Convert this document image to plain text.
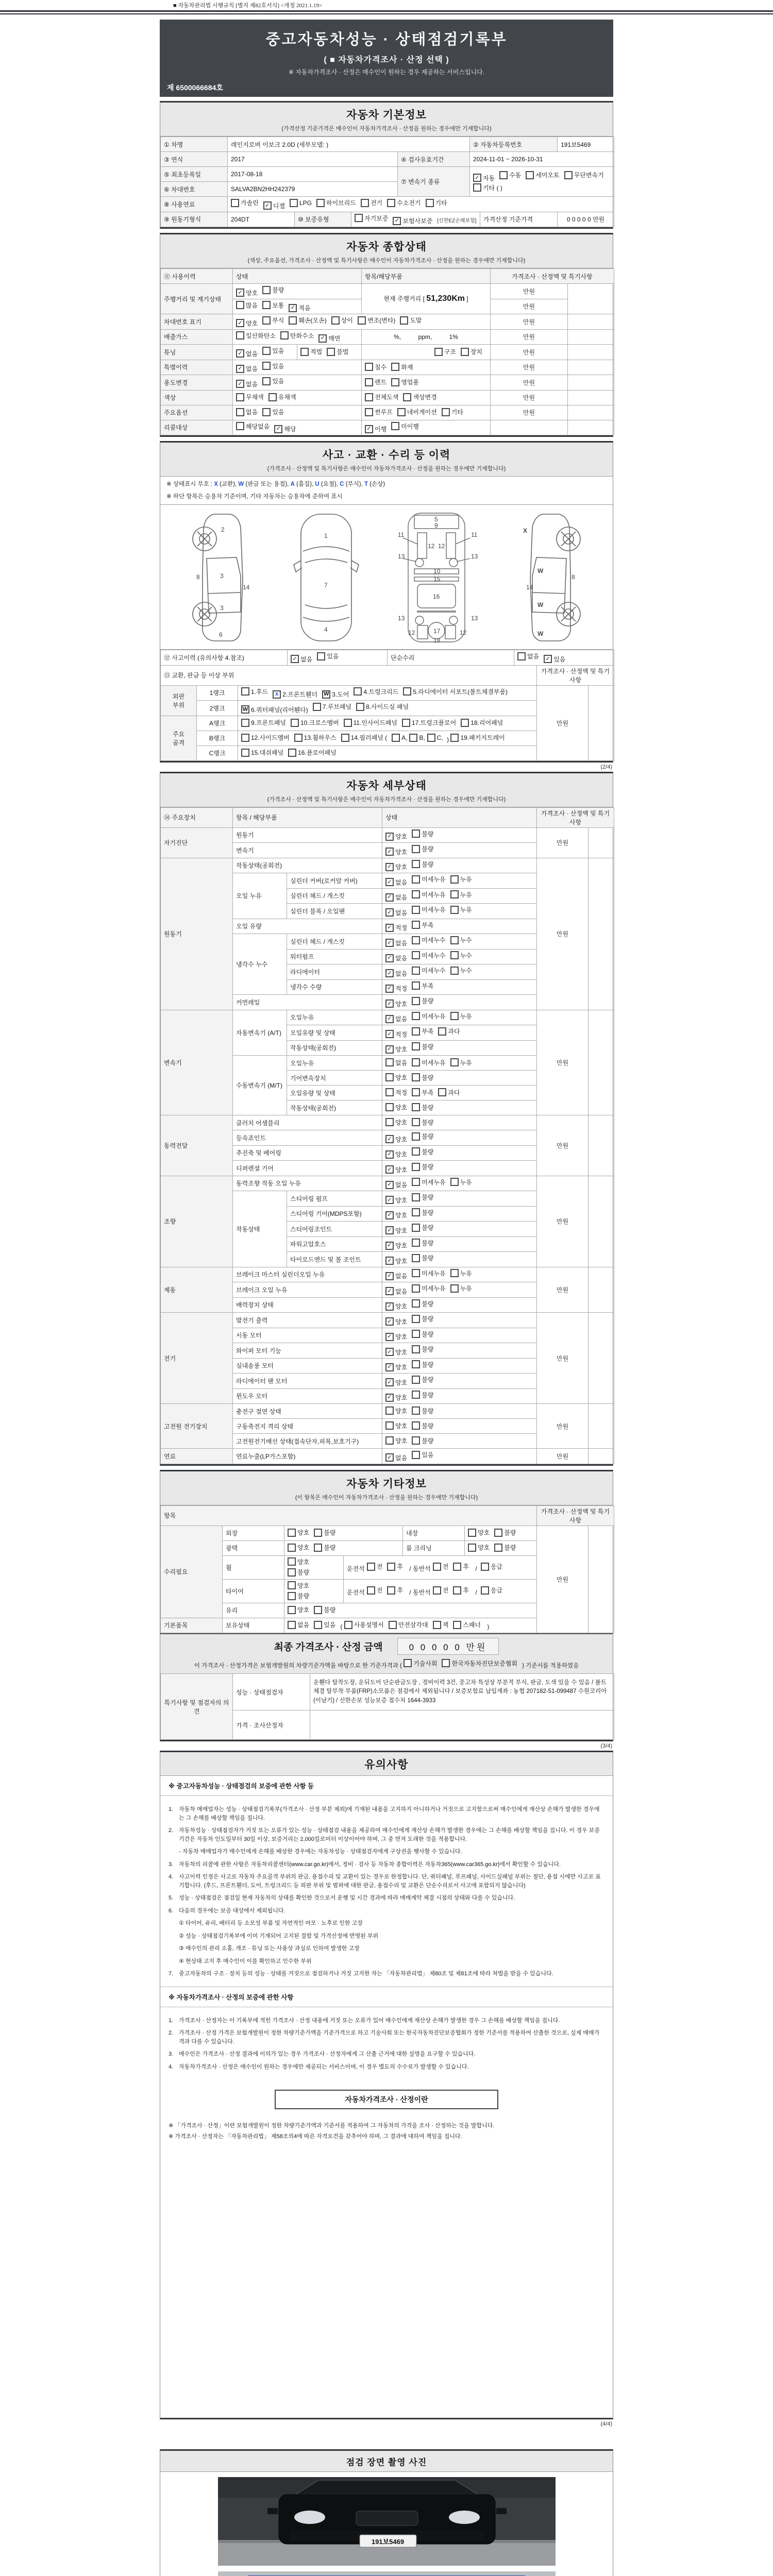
■ 자동차관리법 시행규칙 [별지 제82호서식] <개정 2021.1.19>
중고자동차성능 · 상태점검기록부
( ■ 자동차가격조사 · 산정 선택 )
※ 자동차가격조사 · 산정은 매수인이 원하는 경우 제공하는 서비스입니다.
제 6500066684호
자동차 기본정보
(가격산정 기준가격은 매수인이 자동차가격조사 · 산정을 원하는 경우에만 기재합니다)
① 차명	레인지로버 이보크 2.0D (세부모델: )		② 자동차등록번호	191보5469
③ 연식	2017	④ 검사유효기간	2024-11-01 ~ 2026-10-31	
⑤ 최초등록일	2017-08-18	⑦ 변속기 종류	
✓ 자동 수동 세미오토 무단변속기
기타 ( )

⑥ 차대번호	SALVA2BN2HH242379			
⑧ 사용연료	가솔린	✓ 디젤 LPG 하이브리드 전기 수소전기 기타

⑨ 원동기형식	204DT	⑩ 보증유형	자기보증 ✓ 보험사보증 [신한EZ손해보험]	가격산정 기준가격	0 0 0 0 0 만원
자동차 종합상태
(색상, 주요옵션, 가격조사 · 산정액 및 특기사항은 매수인이 자동차가격조사 · 산정을 원하는 경우에만 기재합니다)
⑪ 사용이력	상태		항목/해당부품	가격조사 · 산정액 및 특기사항	
주행거리 및 계기상태	✓ 양호 불량		현재 주행거리 [ 51,230Km ]	만원	

	많음 보통 ✓ 적음			만원	
차대번호 표기	✓ 양호 부식 훼손(오손) 상이 변조(변타) 도말	만원	
배출가스	일산화탄소 탄화수소 ✓ 매연		%,          ppm,          1%	만원	
튜닝	✓ 없음 있음	적법 불법	구조 장치	만원	
특별이력	✓ 없음 있음		침수 화재	만원	
용도변경	✓ 없음 있음		렌트 영업용	만원	
색상	무채색 유채색		전체도색 색상변경	만원	
주요옵션	없음 있음		썬루프 네비게이션 기타	만원	
리콜대상	해당없음 ✓ 해당		✓ 이행 미이행		

사고 · 교환 · 수리 등 이력
(가격조사 · 산정액 및 특기사항은 매수인이 자동차가격조사 · 산정을 원하는 경우에만 기재합니다)
※ 상태표시 부호 : X (교환), W (판금 또는 용접), A (흠집), U (요철), C (부식), T (손상)
※ 하단 항목은 승용차 기준이며, 기타 자동차는 승용차에 준하여 표시
2
8	3
14
3
6
1
7
4
5
9
11	11
13	13
12 12
10
15
16
13	13
12	12
17
18
8
14
X
W
W
W
⑫ 사고이력 (유의사항 4.참조)	✓ 없음 있음	단순수리	없음	✓ 있음
⑬ 교환, 판금 등 이상 부위			가격조사 · 산정액 및 특기사항	
외판
부위	1랭크	1.후드	x 2.프론트휀더 W 3.도어 4.트렁크리드 5.라디에이터 서포트(볼트체결부품)
	만원	
	2랭크	W 6.쿼터패널(리어휀다) 7.루브패널 8.사이드실 패널		

주요
골격	A랭크	9.프론트패널 10.크로스멤버 11.인사이드패널 17.트렁크플로어 18.리어패널		

B랭크	12.사이드멤버 13.휠하우스 14.필러패널 ( A, B, C, ) 19.패키지트레이

	C랭크	15.대쉬패널 16.플로어패널		
(2/4)
자동차 세부상태
(가격조사 · 산정액 및 특기사항은 매수인이 자동차가격조사 · 산정을 원하는 경우에만 기재합니다)
⑭ 주요장치	항목 / 해당부품		상태	가격조사 · 산정액 및 특기사항	
자기진단	원동기		✓ 양호 불량	만원	
	변속기		✓ 양호 불량		

원동기	작동상태(공회전)		✓ 양호 불량	만원	
	오일 누유	실린더 커버(로커암 커버)	✓ 없음 미세누유 누유		

		실린더 헤드 / 개스킷	✓ 없음 미세누유 누유		

		실린더 블록 / 오일팬	✓ 없음 미세누유 누유		

	오일 유량		✓ 적정 부족		

	냉각수 누수	실린더 헤드 / 개스킷	✓ 없음 미세누수 누수		

		워터펌프	✓ 없음 미세누수 누수		

		라디에이터	✓ 없음 미세누수 누수		

		냉각수 수량	✓ 적정 부족		

	커먼레일		✓ 양호 불량		

변속기	자동변속기 (A/T)	오일누유	✓ 없음 미세누유 누유	만원	
		오일유량 및 상태	✓ 적정 부족 과다		

		작동상태(공회전)	✓ 양호 불량		

	수동변속기 (M/T)	오일누유	없음 미세누유 누유		

		기어변속장치	양호 불량		

		오일유량 및 상태	적정 부족 과다		

		작동상태(공회전)	양호 불량		

동력전달	클러치 어셈블리		양호 불량	만원	
	등속죠인트		✓ 양호 불량		

	추진축 및 베어링		✓ 양호 불량		

	디퍼렌셜 기어		✓ 양호 불량		

조향	동력조향 작동 오일 누유		✓ 없음 미세누유 누유	만원	
	작동상태	스티어링 펌프	✓ 양호 불량		

		스티어링 기어(MDPS포함)	✓ 양호 불량		

		스티어링조인트	✓ 양호 불량		

		파워고압호스	✓ 양호 불량		

		타이로드엔드 및 볼 조인트	✓ 양호 불량		

제동	브레이크 마스터 실린더오일 누유		✓ 없음 미세누유 누유	만원	
	브레이크 오일 누유		✓ 없음 미세누유 누유		

	배력장치 상태		✓ 양호 불량		

전기	발전기 출력		✓ 양호 불량	만원	
	시동 모터		✓ 양호 불량		

	와이퍼 모터 기능		✓ 양호 불량		

	실내송풍 모터		✓ 양호 불량		

	라디에이터 팬 모터		✓ 양호 불량		

	윈도우 모터		✓ 양호 불량		

고전원 전기장치	충전구 절연 상태		양호 불량	만원	
	구동축전지 격리 상태		양호 불량		

	고전원전기배선 상태(접속단자,피복,보호기구)		양호 불량		

연료	연료누출(LP가스포함)		✓ 없음 있음	만원	
자동차 기타정보
(이 항목은 매수인이 자동차가격조사 · 산정을 원하는 경우에만 기재합니다)
항목						가격조사 · 산정액 및 특기사항	
수리필요	외장	양호 불량		내장	양호 불량	만원	
	광택	양호 불량		룸 크리닝	양호 불량		

휠	
양호
불량
	운전석 전 후 / 동반석 전 후 / 응급

타이어	
양호
불량
	운전석 전 후 / 동반석 전 후 / 응급

	유리	양호 불량					

기본품목	보유상태	없음 있음 ( 사용설명서 안전삼각대 잭 스패너 )
최종 가격조사 · 산정 금액	0 0 0 0 0 만원
이 가격조사 · 산정가격은 보험개발원의 차량기준가액을 바탕으로 한 기준가격과 ( 기술사회 한국자동차진단보증협회 ) 기준서를 적용하였음
특기사항 및 점검자의 의견	성능 · 상태점검자	운휀다 탈착도장, 운뒤도어 단순판금도장 , 정비이력 3건, 중고차 특성상 부분적 부식, 판금, 도색 있을 수 있음 / 볼트체결 탈부착 부품(FRP)소모품은 점검에서 제외됩니다 / 보증보험료 납입계좌 : 농협 207182-51-099487 수원코리아(이남기) / 신한손보 성능보증 접수처 1644-3933

	가격 · 조사산정자	
(3/4)
유의사항
※ 중고자동차성능 · 상태점검의 보증에 관한 사항 등
1. 자동차 매매업자는 성능 · 상태점검기록부(가격조사 · 산정 부분 제외)에 기재된 내용을 고지하지 아니하거나 거짓으로 고지함으로써 매수인에게 재산상 손해가 발생한 경우에는 그 손해를 배상할 책임을 집니다.
2. 자동차성능 · 상태점검자가 거짓 또는 오류가 있는 성능 · 상태점검 내용을 제공하여 매수인에게 재산상 손해가 발생한 경우에는 그 손해를 배상할 책임을 집니다. 이 경우 보증기간은 자동차 인도일부터 30일 이상, 보증거리는 2,000킬로미터 이상이어야 하며, 그 중 먼저 도래한 것을 적용합니다.
- 자동차 매매업자가 매수인에게 손해를 배상한 경우에는 자동차성능 · 상태점검자에게 구상권을 행사할 수 있습니다.
3. 자동차의 리콜에 관한 사항은 자동차리콜센터(www.car.go.kr)에서, 정비 · 검사 등 자동차 종합이력은 자동차365(www.car365.go.kr)에서 확인할 수 있습니다.
4. 사고이력 인정은 사고로 자동차 주요골격 부위의 판금, 용접수리 및 교환이 있는 경우로 한정합니다. 단, 쿼터패널, 루프패널, 사이드실패널 부위는 절단, 용접 시에만 사고로 표기합니다. (후드, 프론트휀더, 도어, 트렁크리드 등 외판 부위 및 범퍼에 대한 판금, 용접수리 및 교환은 단순수리로서 사고에 포함되지 않습니다)
5. 성능 · 상태점검은 점검일 현재 자동차의 상태를 확인한 것으로서 운행 및 시간 경과에 따라 매매계약 체결 시점의 상태와 다를 수 있습니다.
6. 다음의 경우에는 보증 대상에서 제외됩니다.
① 타이어, 유리, 배터리 등 소모성 부품 및 자연적인 마모 · 노후로 인한 고장
② 성능 · 상태점검기록부에 이미 기재되어 고지된 결함 및 가격산정에 반영된 부위
③ 매수인의 관리 소홀, 개조 · 튜닝 또는 사용상 과실로 인하여 발생한 고장
④ 현상태 고지 후 매수인이 이를 확인하고 인수한 부위
7. 중고자동차의 구조 · 장치 등의 성능 · 상태를 거짓으로 점검하거나 거짓 고지한 자는 「자동차관리법」 제80조 및 제81조에 따라 처벌을 받을 수 있습니다.
※ 자동차가격조사 · 산정의 보증에 관한 사항
1. 가격조사 · 산정자는 이 기록부에 적힌 가격조사 · 산정 내용에 거짓 또는 오류가 있어 매수인에게 재산상 손해가 발생한 경우 그 손해를 배상할 책임을 집니다.
2. 가격조사 · 산정 가격은 보험개발원이 정한 차량기준가액을 기준가격으로 하고 기술사회 또는 한국자동차진단보증협회가 정한 기준서를 적용하여 산출한 것으로, 실제 매매가격과 다를 수 있습니다.
3. 매수인은 가격조사 · 산정 결과에 이의가 있는 경우 가격조사 · 산정자에게 그 산출 근거에 대한 설명을 요구할 수 있습니다.
4. 자동차가격조사 · 산정은 매수인이 원하는 경우에만 제공되는 서비스이며, 이 경우 별도의 수수료가 발생할 수 있습니다.
자동차가격조사 · 산정이란
※ 「가격조사 · 산정」이란 보험개발원이 정한 차량기준가액과 기준서를 적용하여 그 자동차의 가격을 조사 · 산정하는 것을 말합니다.
※ 가격조사 · 산정자는 「자동차관리법」 제58조의4에 따른 자격요건을 갖추어야 하며, 그 결과에 대하여 책임을 집니다.
(4/4)
점검 장면 촬영 사진
191보5469
